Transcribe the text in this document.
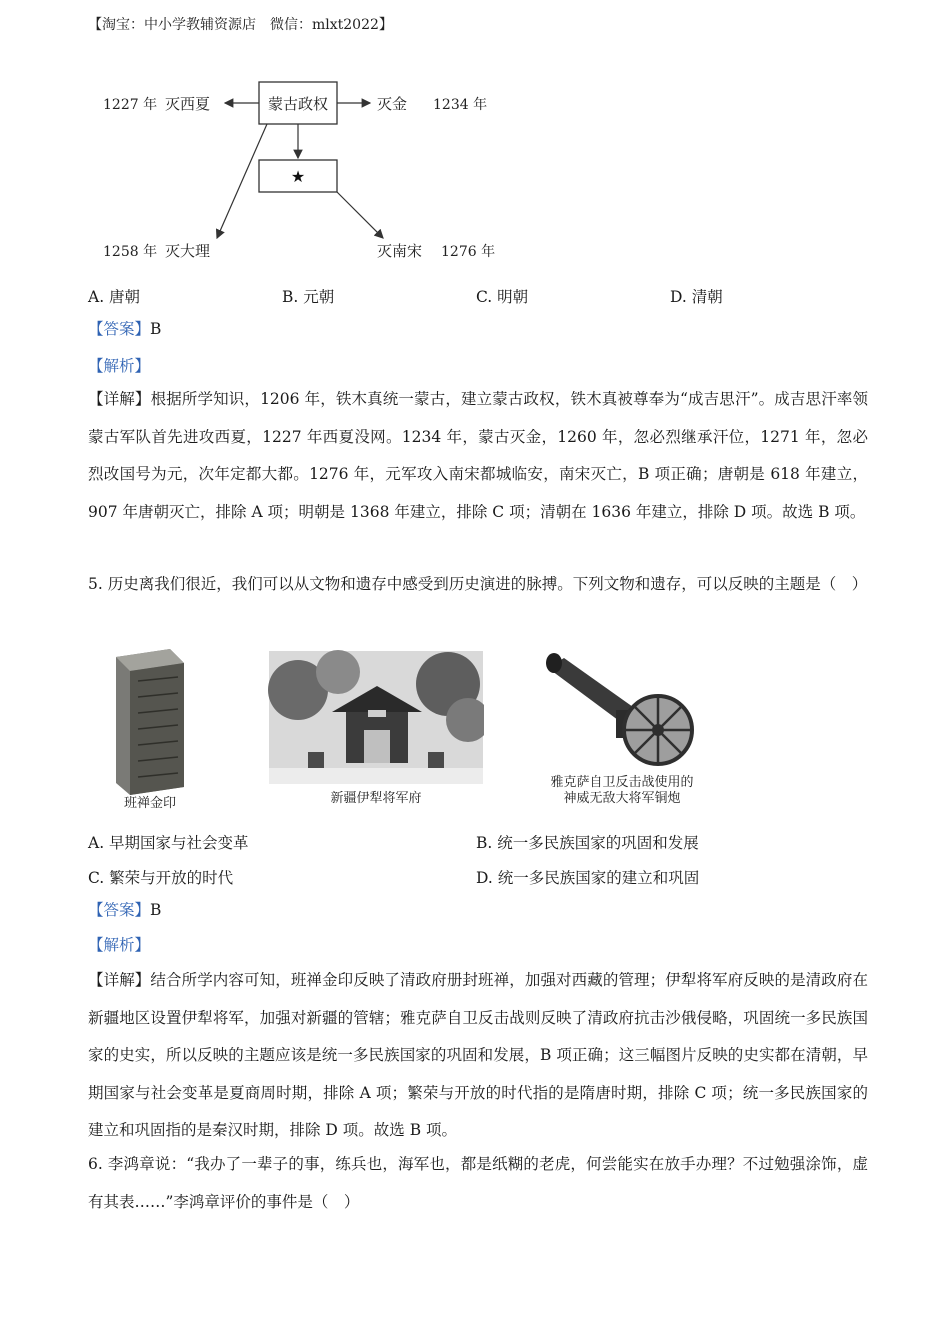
【淘宝：中小学教辅资源店　微信：mlxt2022】
蒙古政权
★
1227 年 灭西夏	灭金 1234 年
1258 年 灭大理	灭南宋 1276 年
A. 唐朝	B. 元朝	C. 明朝	D. 清朝
【答案】B
【解析】
【详解】根据所学知识，1206 年，铁木真统一蒙古，建立蒙古政权，铁木真被尊奉为“成吉思汗”。成吉思汗率领蒙古军队首先进攻西夏，1227 年西夏没网。1234 年，蒙古灭金，1260 年，忽必烈继承汗位，1271 年，忽必烈改国号为元，次年定都大都。1276 年，元军攻入南宋都城临安，南宋灭亡，B 项正确；唐朝是 618 年建立，907 年唐朝灭亡，排除 A 项；明朝是 1368 年建立，排除 C 项；清朝在 1636 年建立，排除 D 项。故选 B 项。
5. 历史离我们很近，我们可以从文物和遗存中感受到历史演进的脉搏。下列文物和遗存，可以反映的主题是（　）
班禅金印	新疆伊犁将军府
雅克萨自卫反击战使用的
神威无敌大将军铜炮
A. 早期国家与社会变革	B. 统一多民族国家的巩固和发展
C. 繁荣与开放的时代	D. 统一多民族国家的建立和巩固
【答案】B
【解析】
【详解】结合所学内容可知，班禅金印反映了清政府册封班禅，加强对西藏的管理；伊犁将军府反映的是清政府在新疆地区设置伊犁将军，加强对新疆的管辖；雅克萨自卫反击战则反映了清政府抗击沙俄侵略，巩固统一多民族国家的史实，所以反映的主题应该是统一多民族国家的巩固和发展，B 项正确；这三幅图片反映的史实都在清朝，早期国家与社会变革是夏商周时期，排除 A 项；繁荣与开放的时代指的是隋唐时期，排除 C 项；统一多民族国家的建立和巩固指的是秦汉时期，排除 D 项。故选 B 项。
6. 李鸿章说：“我办了一辈子的事，练兵也，海军也，都是纸糊的老虎，何尝能实在放手办理？不过勉强涂饰，虚有其表……”李鸿章评价的事件是（　）
